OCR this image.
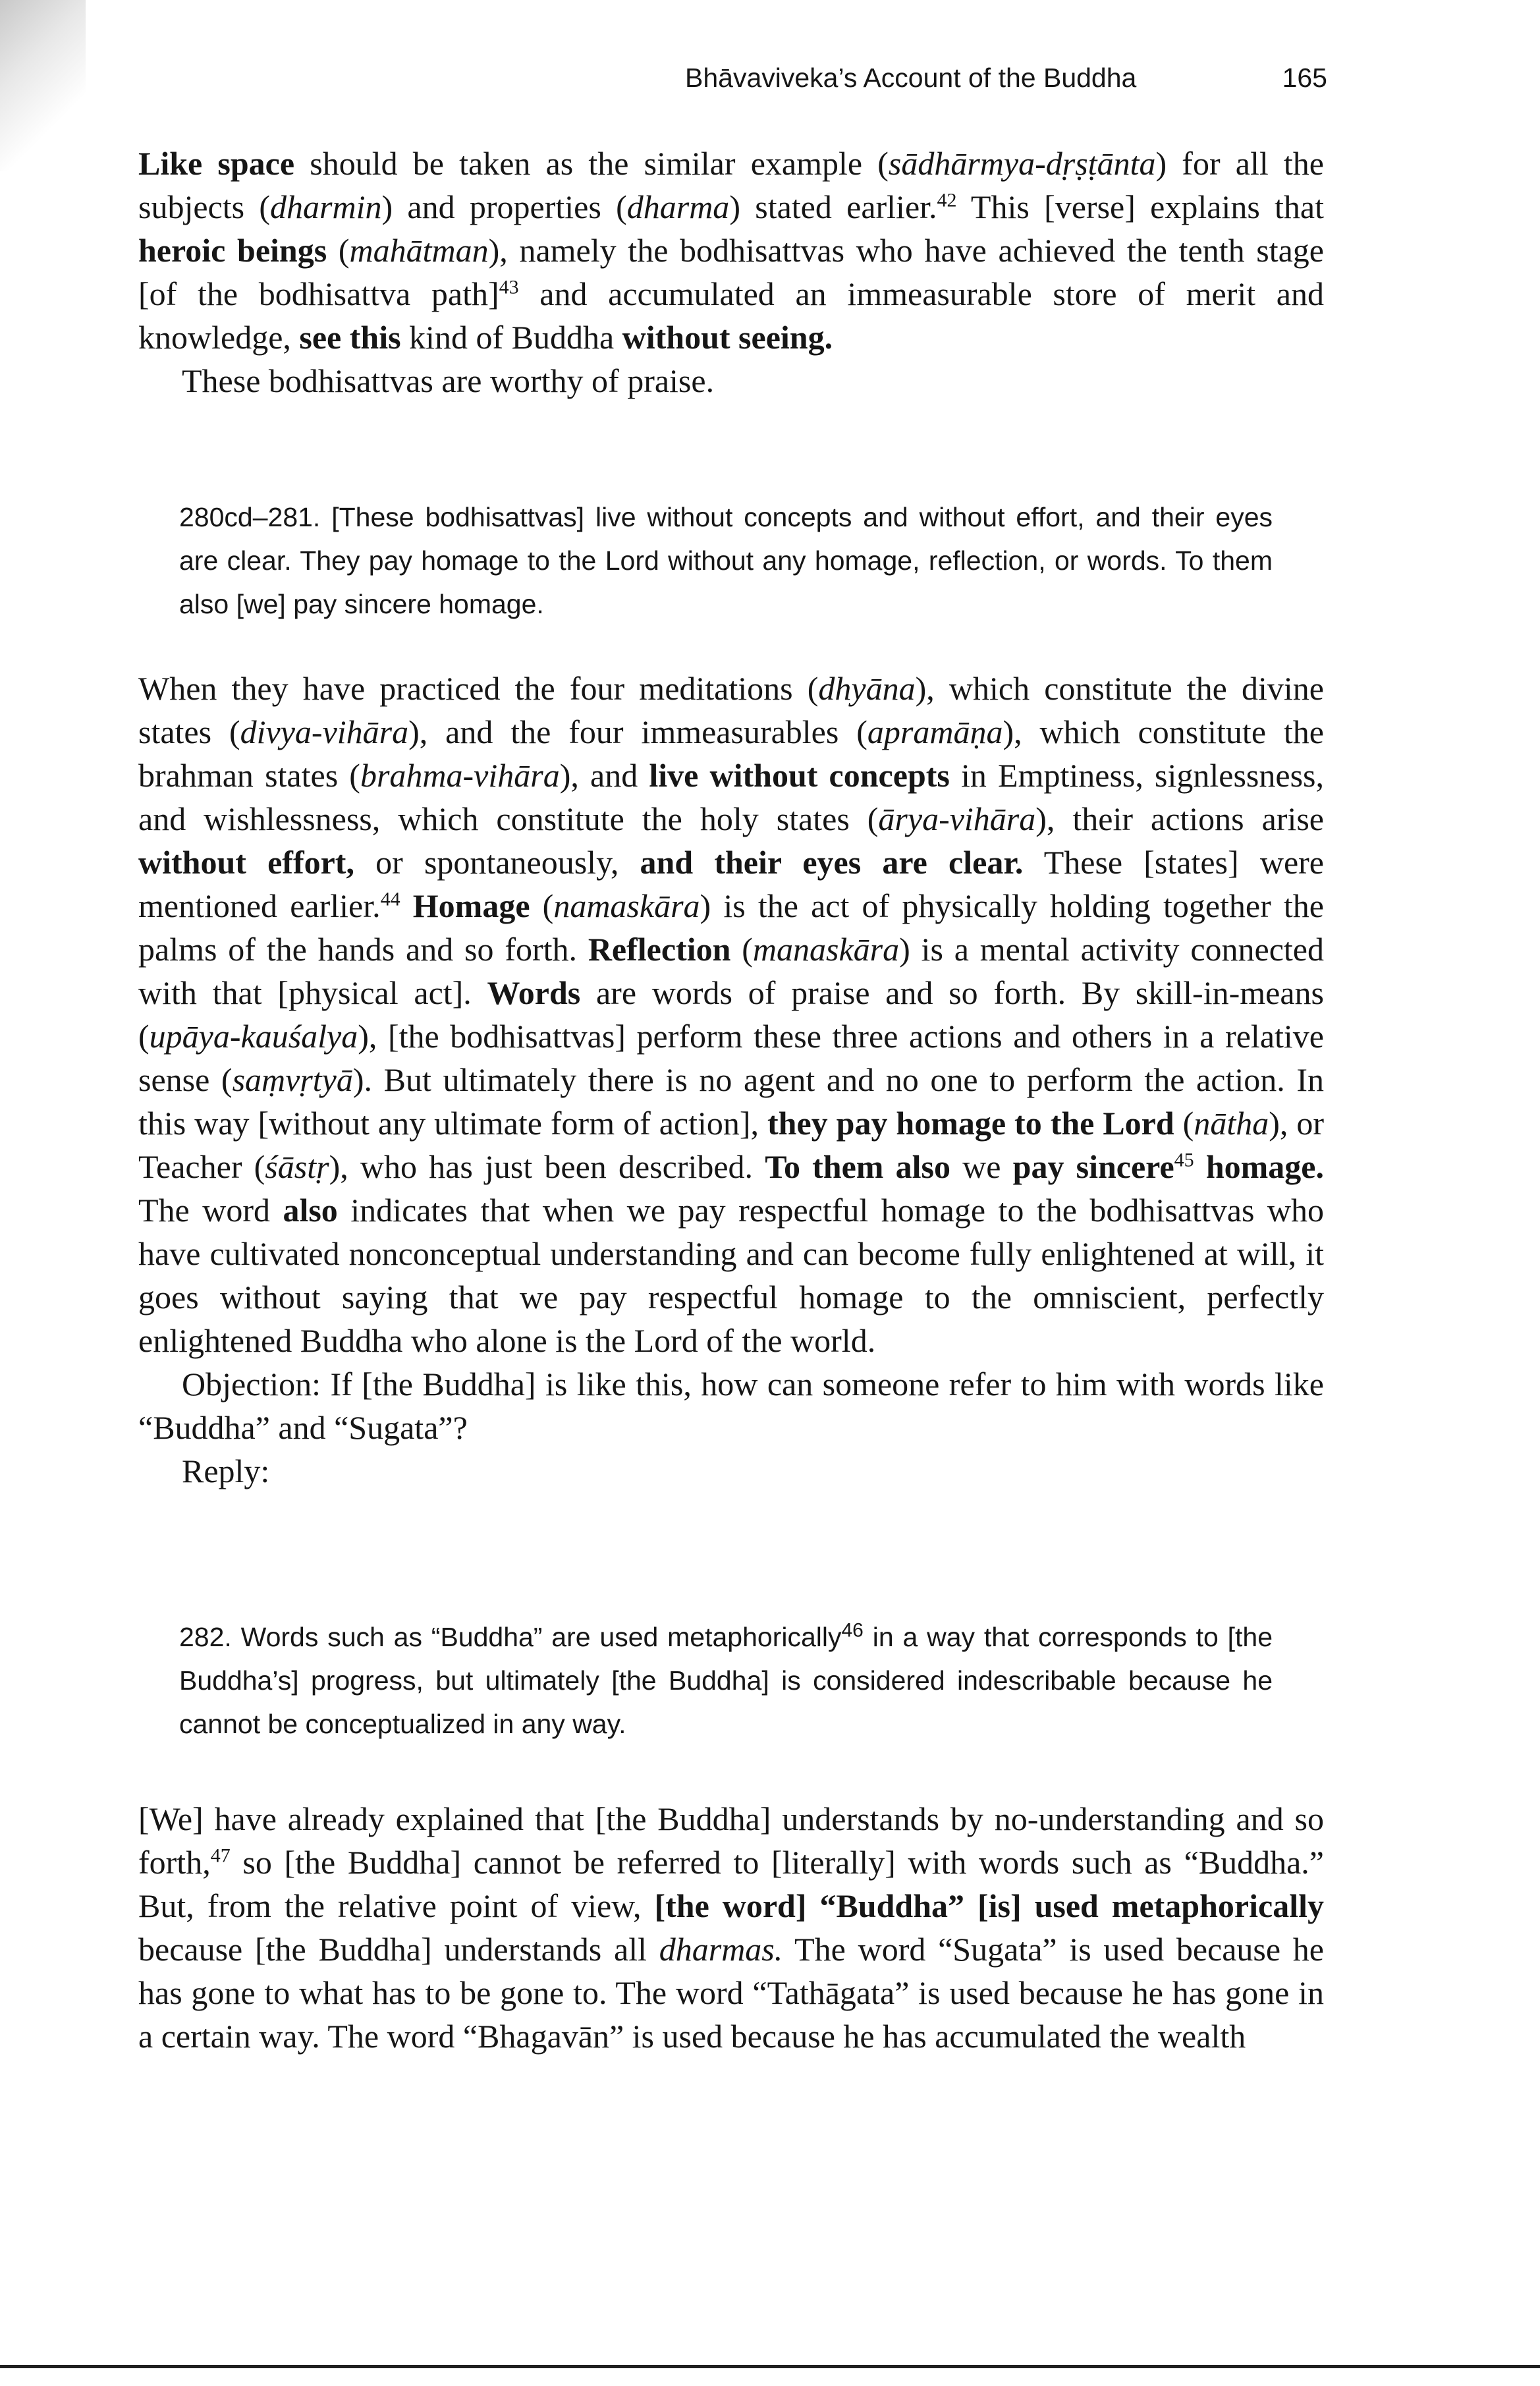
Bhāvaviveka’s Account of the Buddha	165

Like space should be taken as the similar example (sādhārmya-dṛṣṭānta) for all the subjects (dharmin) and properties (dharma) stated earlier.$^{42}$ This [verse] explains that heroic beings (mahātman), namely the bodhisattvas who have achieved the tenth stage [of the bodhisattva path]$^{43}$ and accumulated an immeasurable store of merit and knowledge, see this kind of Buddha without seeing.

These bodhisattvas are worthy of praise.

280cd–281. [These bodhisattvas] live without concepts and without effort, and their eyes are clear. They pay homage to the Lord without any homage, reflection, or words. To them also [we] pay sincere homage.

When they have practiced the four meditations (dhyāna), which constitute the divine states (divya-vihāra), and the four immeasurables (apramāṇa), which constitute the brahman states (brahma-vihāra), and live without concepts in Emptiness, signlessness, and wishlessness, which constitute the holy states (ārya-vihāra), their actions arise without effort, or spontaneously, and their eyes are clear. These [states] were mentioned earlier.$^{44}$ Homage (namaskāra) is the act of physically holding together the palms of the hands and so forth. Reflection (manaskāra) is a mental activity connected with that [physical act]. Words are words of praise and so forth. By skill-in-means (upāya-kauśalya), [the bodhisattvas] perform these three actions and others in a relative sense (saṃvṛtyā). But ultimately there is no agent and no one to perform the action. In this way [without any ultimate form of action], they pay homage to the Lord (nātha), or Teacher (śāstṛ), who has just been described. To them also we pay sincere$^{45}$ homage. The word also indicates that when we pay respectful homage to the bodhisattvas who have cultivated nonconceptual understanding and can become fully enlightened at will, it goes without saying that we pay respectful homage to the omniscient, perfectly enlightened Buddha who alone is the Lord of the world.

Objection: If [the Buddha] is like this, how can someone refer to him with words like “Buddha” and “Sugata”?

Reply:

282. Words such as “Buddha” are used metaphorically$^{46}$ in a way that corresponds to [the Buddha’s] progress, but ultimately [the Buddha] is considered indescribable because he cannot be conceptualized in any way.

[We] have already explained that [the Buddha] understands by no-understanding and so forth,$^{47}$ so [the Buddha] cannot be referred to [literally] with words such as “Buddha.” But, from the relative point of view, [the word] “Buddha” [is] used metaphorically because [the Buddha] understands all dharmas. The word “Sugata” is used because he has gone to what has to be gone to. The word “Tathāgata” is used because he has gone in a certain way. The word “Bhagavān” is used because he has accumulated the wealth
